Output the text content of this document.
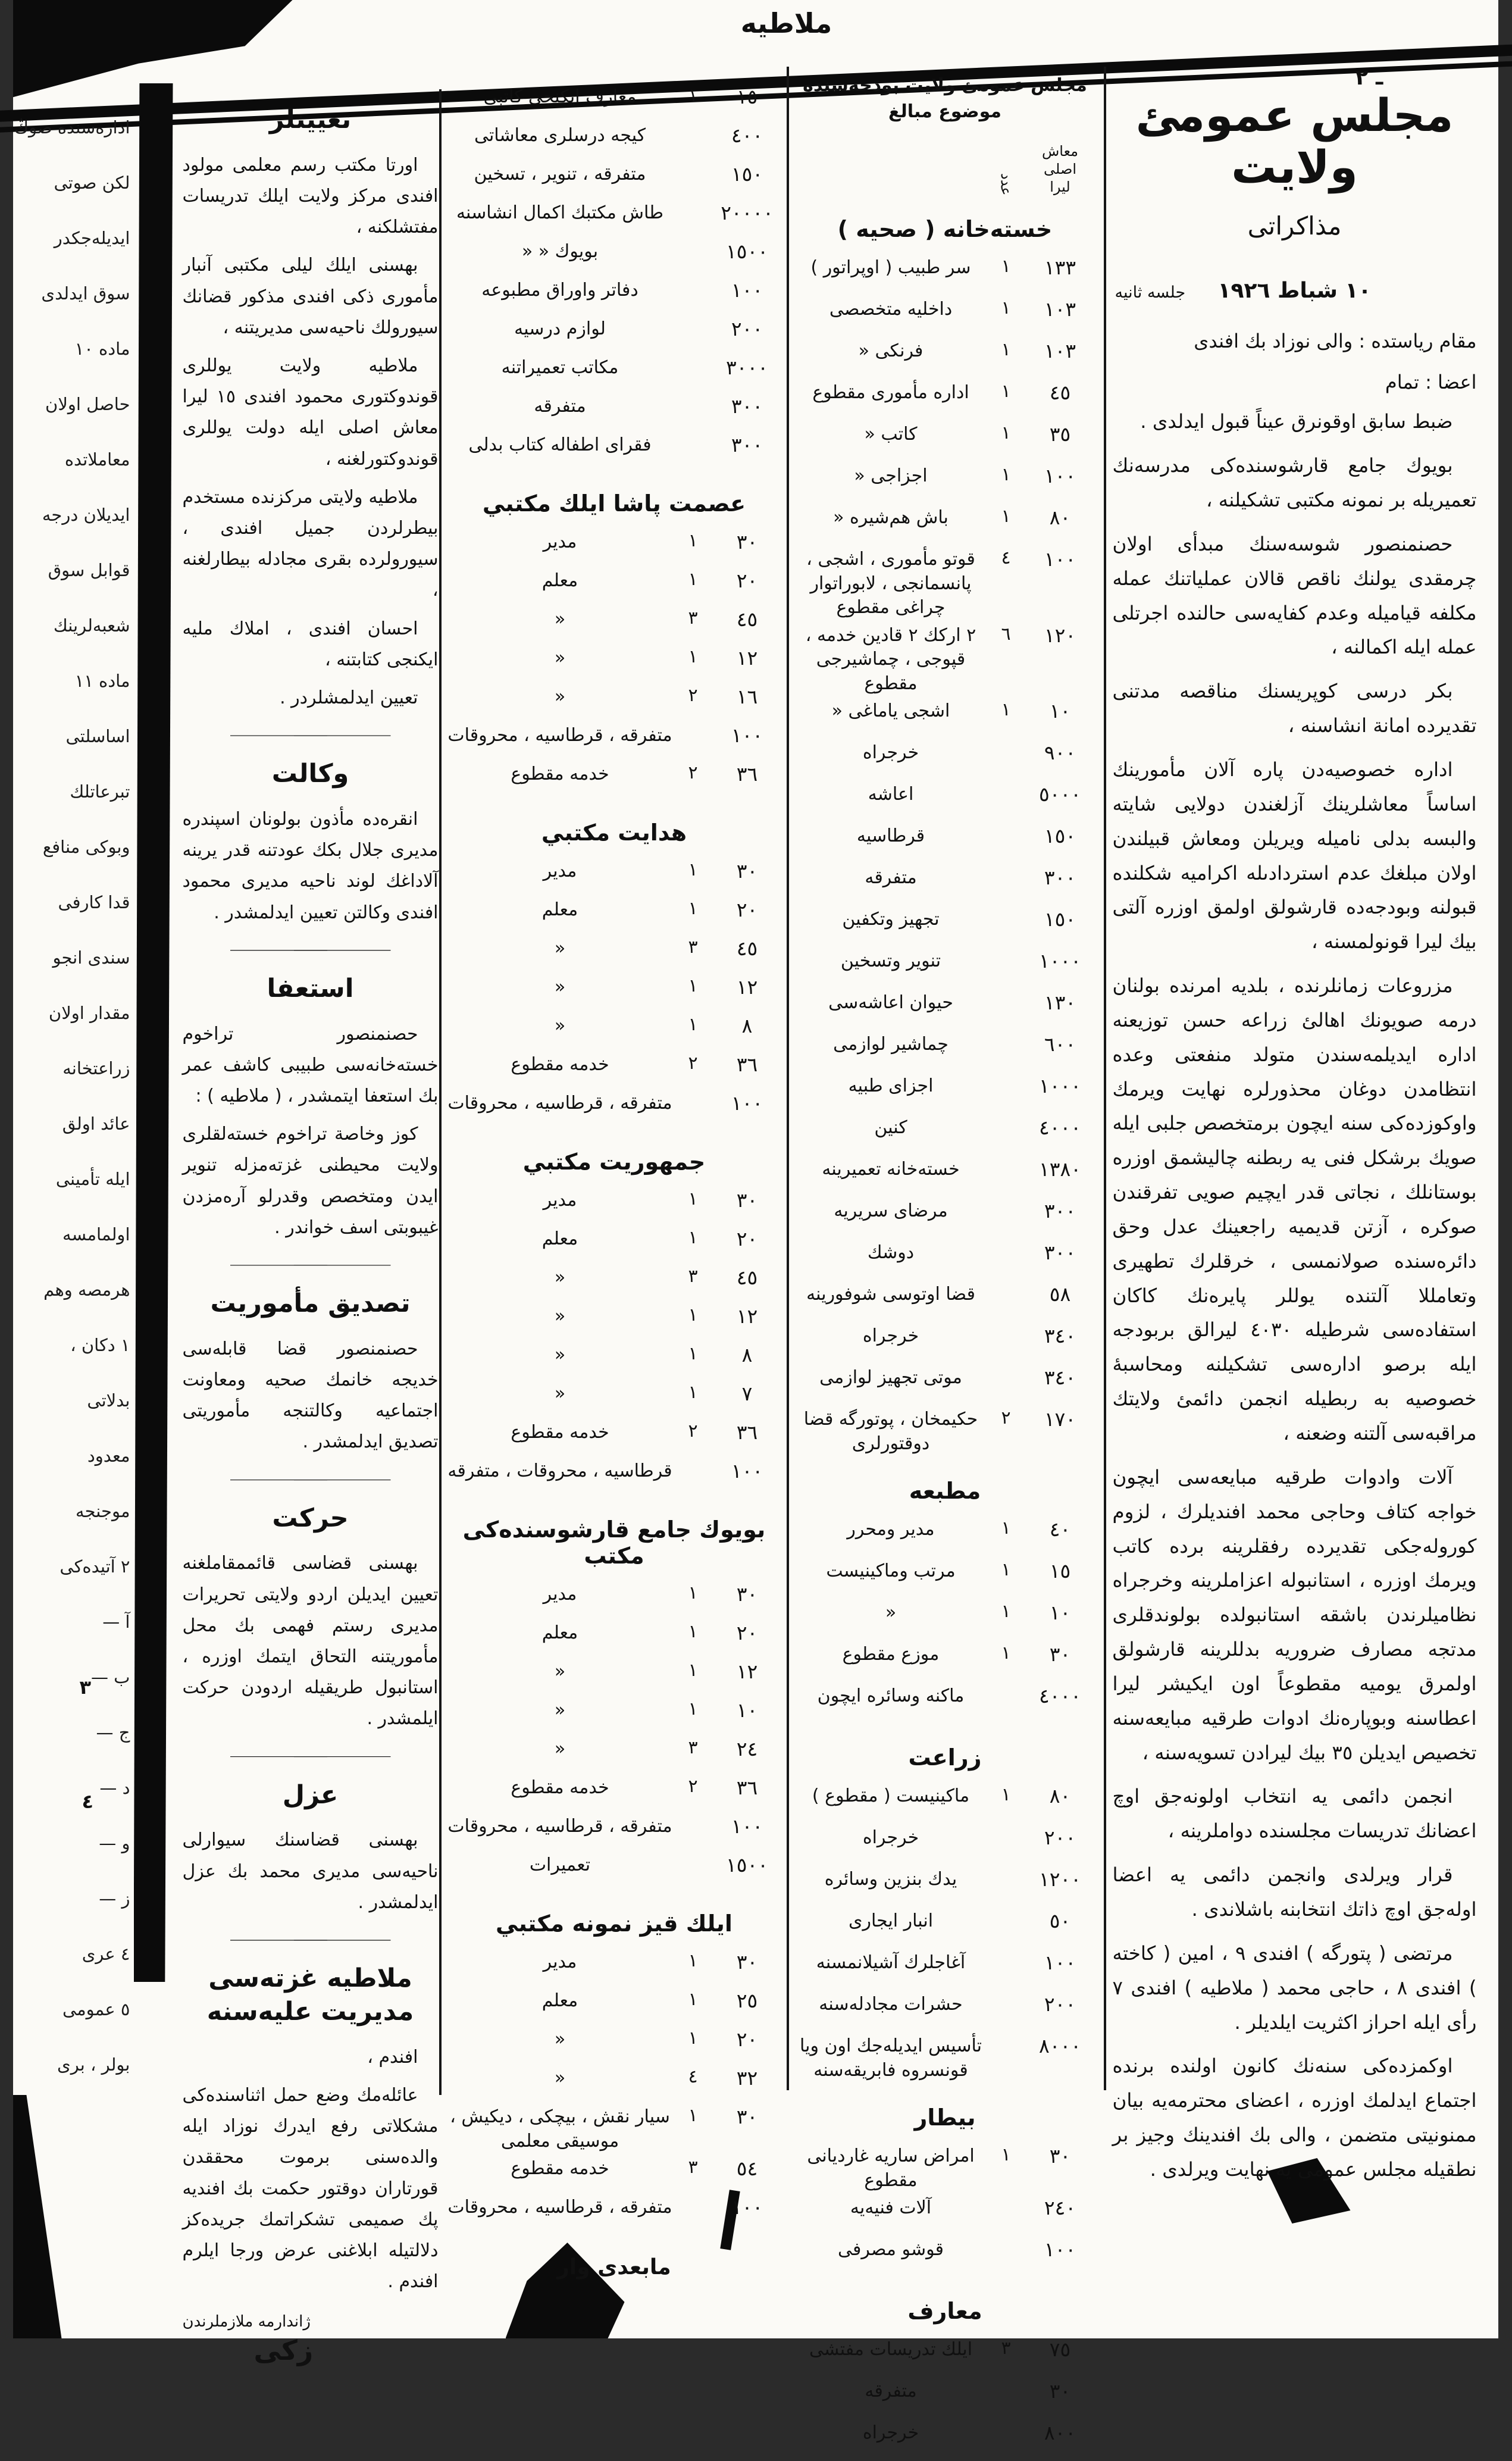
ملاطيه
ـ ٢
مجلس عمومئ ولايت
مذاكراتى
١٠ شباط ١٩٢٦
جلسه ثانيه

مقام رياستده : والى نوزاد بك افندى

اعضا : تمام

ضبط سابق اوقونرق عيناً قبول ايدلدى .

بويوك جامع قارشوسنده‌كى مدرسه‌نك تعميريله بر نمونه مكتبى تشكيلنه ،

حصنمنصور شوسه‌سنك مبدأى اولان چرمقدى يولنك ناقص قالان عملياتنك عمله مكلفه قياميله وعدم كفايه‌سى حالنده اجرتلى عمله ايله اكمالنه ،

بكر درسى كوپريسنك مناقصه مدتنى تقديرده امانة انشاسنه ،

اداره خصوصيه‌دن پاره آلان مأمورينك اساساً معاشلرينك آزلغندن دولايى شايته والبسه بدلى ناميله ويريلن ومعاش قبيلندن اولان مبلغك عدم استردادىله اكراميه شكلنده قبولنه وبودجه‌ده قارشولق اولمق اوزره آلتى بيك ليرا قونولمسنه ،

مزروعات زمانلرنده ، بلديه امرنده بولنان درمه صويونك اهالئ زراعه حسن توزيعنه اداره ايديلمه‌سندن متولد منفعتى وعده انتظامدن دوغان محذورلره نهايت ويرمك واوكوزده‌كى سنه ايچون برمتخصص جلبى ايله صويك برشكل فنى يه ربطنه چاليشمق اوزره بوستانلك ، نجاتى قدر ايچيم صويى تفرقندن صوكره ، آزتن قديميه راجعينك عدل وحق دائره‌سنده صولانمسى ، خرقلرك تطهيرى وتعامللا آلتنده يوللر پايره‌نك كاكان استفاده‌سى شرطيله ٤٠٣٠ ليرالق بربودجه ايله برصو اداره‌سى تشكيلنه ومحاسبهٔ خصوصيه به ربطيله انجمن دائمئ ولايتك مراقبه‌سى آلتنه وضعنه ،

آلات وادوات طرقيه مبايعه‌سى ايچون خواجه كتاف وحاجى محمد افنديلرك ، لزوم كوروله‌جكى تقديرده رفقلرينه برده كاتب ويرمك اوزره ، استانبوله اعزاملرينه وخرجراه نظاميلرندن باشقه استانبولده بولوندقلرى مدتجه مصارف ضروريه بدللرينه قارشولق اولمرق يوميه مقطوعاً اون ايكيشر ليرا اعطاسنه وبوپاره‌نك ادوات طرقيه مبايعه‌سنه تخصيص ايديلن ٣٥ بيك ليرادن تسويه‌سنه ،

انجمن دائمى يه انتخاب اولونه‌جق اوچ اعضانك تدريسات مجلسنده دواملرينه ،

قرار ويرلدى وانجمن دائمى يه اعضا اوله‌جق اوچ ذاتك انتخابنه باشلاندى .

مرتضى ( پتورگه ) افندى ٩ ، امين ( كاخته ) افندى ٨ ، حاجى محمد ( ملاطيه ) افندى ٧ رأى ايله احراز اكثريت ايلديلر .

اوكمزده‌كى سنه‌نك كانون اولنده برنده اجتماع ايدلمك اوزره ، اعضاى محترمه‌يه بيان ممنونيتى متضمن ، والى بك افندينك وجيز بر نطقيله مجلس عمومى يه نهايت ويرلدى .

مجلس عمومئ ولايت بودجه‌سنده موضوع مبالغ
معاش اصلى
ليرا
عدد
خسته‌خانه ( صحيه )
١٣٣
١
سر طبيب ( اوپراتور )
١٠٣
١
داخليه متخصصى
١٠٣
١
فرنكى «
٤٥
١
اداره مأمورى مقطوع
٣٥
١
كاتب «
١٠٠
١
اجزاجى «
٨٠
١
باش هم‌شيره «
١٠٠
٤
قوتو مأمورى ، اشجى ، پانسمانجى ، لابوراتوار چراغى مقطوع
١٢٠
٦
٢ اركك ٢ قادين خدمه ، قپوجى ، چماشيرجى مقطوع
١٠
١
اشجى ياماغى «
٩٠٠
خرجراه
٥٠٠٠
اعاشه
١٥٠
قرطاسيه
٣٠٠
متفرقه
١٥٠
تجهيز وتكفين
١٠٠٠
تنوير وتسخين
١٣٠
حيوان اعاشه‌سى
٦٠٠
چماشير لوازمى
١٠٠٠
اجزاى طبيه
٤٠٠٠
كنين
١٣٨٠
خسته‌خانه تعميرينه
٣٠٠
مرضاى سريريه
٣٠٠
دوشك
٥٨
قضا اوتوسى شوفورينه
٣٤٠
خرجراه
٣٤٠
موتى تجهيز لوازمى
١٧٠
٢
حكيمخان ، پوتورگه قضا دوقتورلرى
مطبعه
٤٠
١
مدير ومحرر
١٥
١
مرتب وماكينيست
١٠
١
«
٣٠
١
موزع مقطوع
٤٠٠٠
ماكنه وسائره ايچون
زراعت
٨٠
١
ماكينيست ( مقطوع )
٢٠٠
خرجراه
١٢٠٠
يدك بنزين وسائره
٥٠
انبار ايجارى
١٠٠
آغاجلرك آشيلانمسنه
٢٠٠
حشرات مجادله‌سنه
٨٠٠٠
تأسيس ايديله‌جك اون ويا قونسروه فابريقه‌سنه
بيطار
٣٠
١
امراض ساريه غارديانى مقطوع
٢٤٠
آلات فنيه‌يه
١٠٠
قوشو مصرفى
معارف
٧٥
٣
ايلك تدريسات مفتشى
٣٠
متفرقه
٨٠٠
خرجراه
١٥
١
معارف ايكنجى كاتبى
٤٠٠
كيجه درسلرى معاشاتى
١٥٠
متفرقه ، تنوير ، تسخين
٢٠٠٠٠
طاش مكتبك اكمال انشاسنه
١٥٠٠
بويوك « «
١٠٠
دفاتر واوراق مطبوعه
٢٠٠
لوازم درسيه
٣٠٠٠
مكاتب تعميراتنه
٣٠٠
متفرقه
٣٠٠
فقراى اطفاله كتاب بدلى
عصمت پاشا ايلك مكتبي
٣٠
١
مدير
٢٠
١
معلم
٤٥
٣
«
١٢
١
«
١٦
٢
«
١٠٠
متفرقه ، قرطاسيه ، محروقات
٣٦
٢
خدمه مقطوع
هدايت مكتبي
٣٠
١
مدير
٢٠
١
معلم
٤٥
٣
«
١٢
١
«
٨
١
«
٣٦
٢
خدمه مقطوع
١٠٠
متفرقه ، قرطاسيه ، محروقات
جمهوريت مكتبي
٣٠
١
مدير
٢٠
١
معلم
٤٥
٣
«
١٢
١
«
٨
١
«
٧
١
«
٣٦
٢
خدمه مقطوع
١٠٠
قرطاسيه ، محروقات ، متفرقه
بويوك جامع قارشوسنده‌كى مكتب
٣٠
١
مدير
٢٠
١
معلم
١٢
١
«
١٠
١
«
٢٤
٣
«
٣٦
٢
خدمه مقطوع
١٠٠
متفرقه ، قرطاسيه ، محروقات
١٥٠٠
تعميرات
ايلك قيز نمونه مكتبي
٣٠
١
مدير
٢٥
١
معلم
٢٠
١
«
٣٢
٤
«
٣٠
١
سيار نقش ، بيچكى ، ديكيش ، موسيقى معلمى
٥٤
٣
خدمه مقطوع
١٠٠
متفرقه ، قرطاسيه ، محروقات
مابعدى وار
تعيينلر

اورتا مكتب رسم معلمى مولود افندى مركز ولايت ايلك تدريسات مفتشلكنه ،

بهسنى ايلك ليلى مكتبى آنبار مأمورى ذكى افندى مذكور قضانك سيورولك ناحيه‌سى مديريتنه ،

ملاطيه ولايت يوللرى قوندوكتورى محمود افندى ١٥ ليرا معاش اصلى ايله دولت يوللرى قوندوكتورلغنه ،

ملاطيه ولايتى مركزنده مستخدم بيطرلردن جميل افندى ، سيورولرده بقرى مجادله بيطارلغنه ،

احسان افندى ، املاك مليه ايكنجى كتابتنه ،

تعيين ايدلمشلردر .

وكالت

انقره‌ده مأذون بولونان اسپندره مديرى جلال بكك عودتنه قدر يرينه آلاداغك لوند ناحيه مديرى محمود افندى وكالتن تعيين ايدلمشدر .

استعفا

حصنمنصور تراخوم خسته‌خانه‌سى طبيبى كاشف عمر بك استعفا ايتمشدر ، ( ملاطيه ) :

كوز وخاصة تراخوم خسته‌لقلرى ولايت محيطنى غزته‌مزله تنوير ايدن ومتخصص وقدرلو آره‌مزدن غيبوبتى اسف خواندر .

تصديق مأموريت

حصنمنصور قضا قابله‌سى خديجه خانمك صحيه ومعاونت اجتماعيه وكالتنجه مأموريتى تصديق ايدلمشدر .

حركت

بهسنى قضاسى قائممقاملغنه تعيين ايديلن اردو ولايتى تحريرات مديرى رستم فهمى بك محل مأموريتنه التحاق ايتمك اوزره ، استانبول طريقيله اردودن حركت ايلمشدر .

عزل

بهسنى قضاسنك سيوارلى ناحيه‌سى مديرى محمد بك عزل ايدلمشدر .

ملاطيه غزته‌سى مديريت عليه‌سنه

افندم ،

عائله‌مك وضع حمل اثناسنده‌كى مشكلاتى رفع ايدرك نوزاد ايله والده‌سنى برموت محققدن قورتاران دوقتور حكمت بك افنديه پك صميمى تشكراتمك جريده‌كز دلالتيله ابلاغنى عرض ورجا ايلرم افندم .

ژاندارمه ملازملرندن
زكى
اداره‌سنده صوڭ
لكن صوتى
ايديله‌جكدر
سوق ايدلدى
ماده ١٠
حاصل اولان
معاملاتده
ايديلان درجه
قوابل سوق
شعبه‌لرينك
ماده ١١
اساسلتى
تبرعاتلك
وبوكى منافع
قدا كارفى
سندى انجو
مقدار اولان
زراعتخانه
عائد اولق
ايله تأمينى
اولمامسه
هرمصه وهم
١ دكان ،
بدلاتى
معدود
موجنجه
٢ آتيده‌كى
آ —
ب —
ج —
د —
و —
ز —
٤ عرى
٥ عمومى
بولر ، برى
٣
٤
